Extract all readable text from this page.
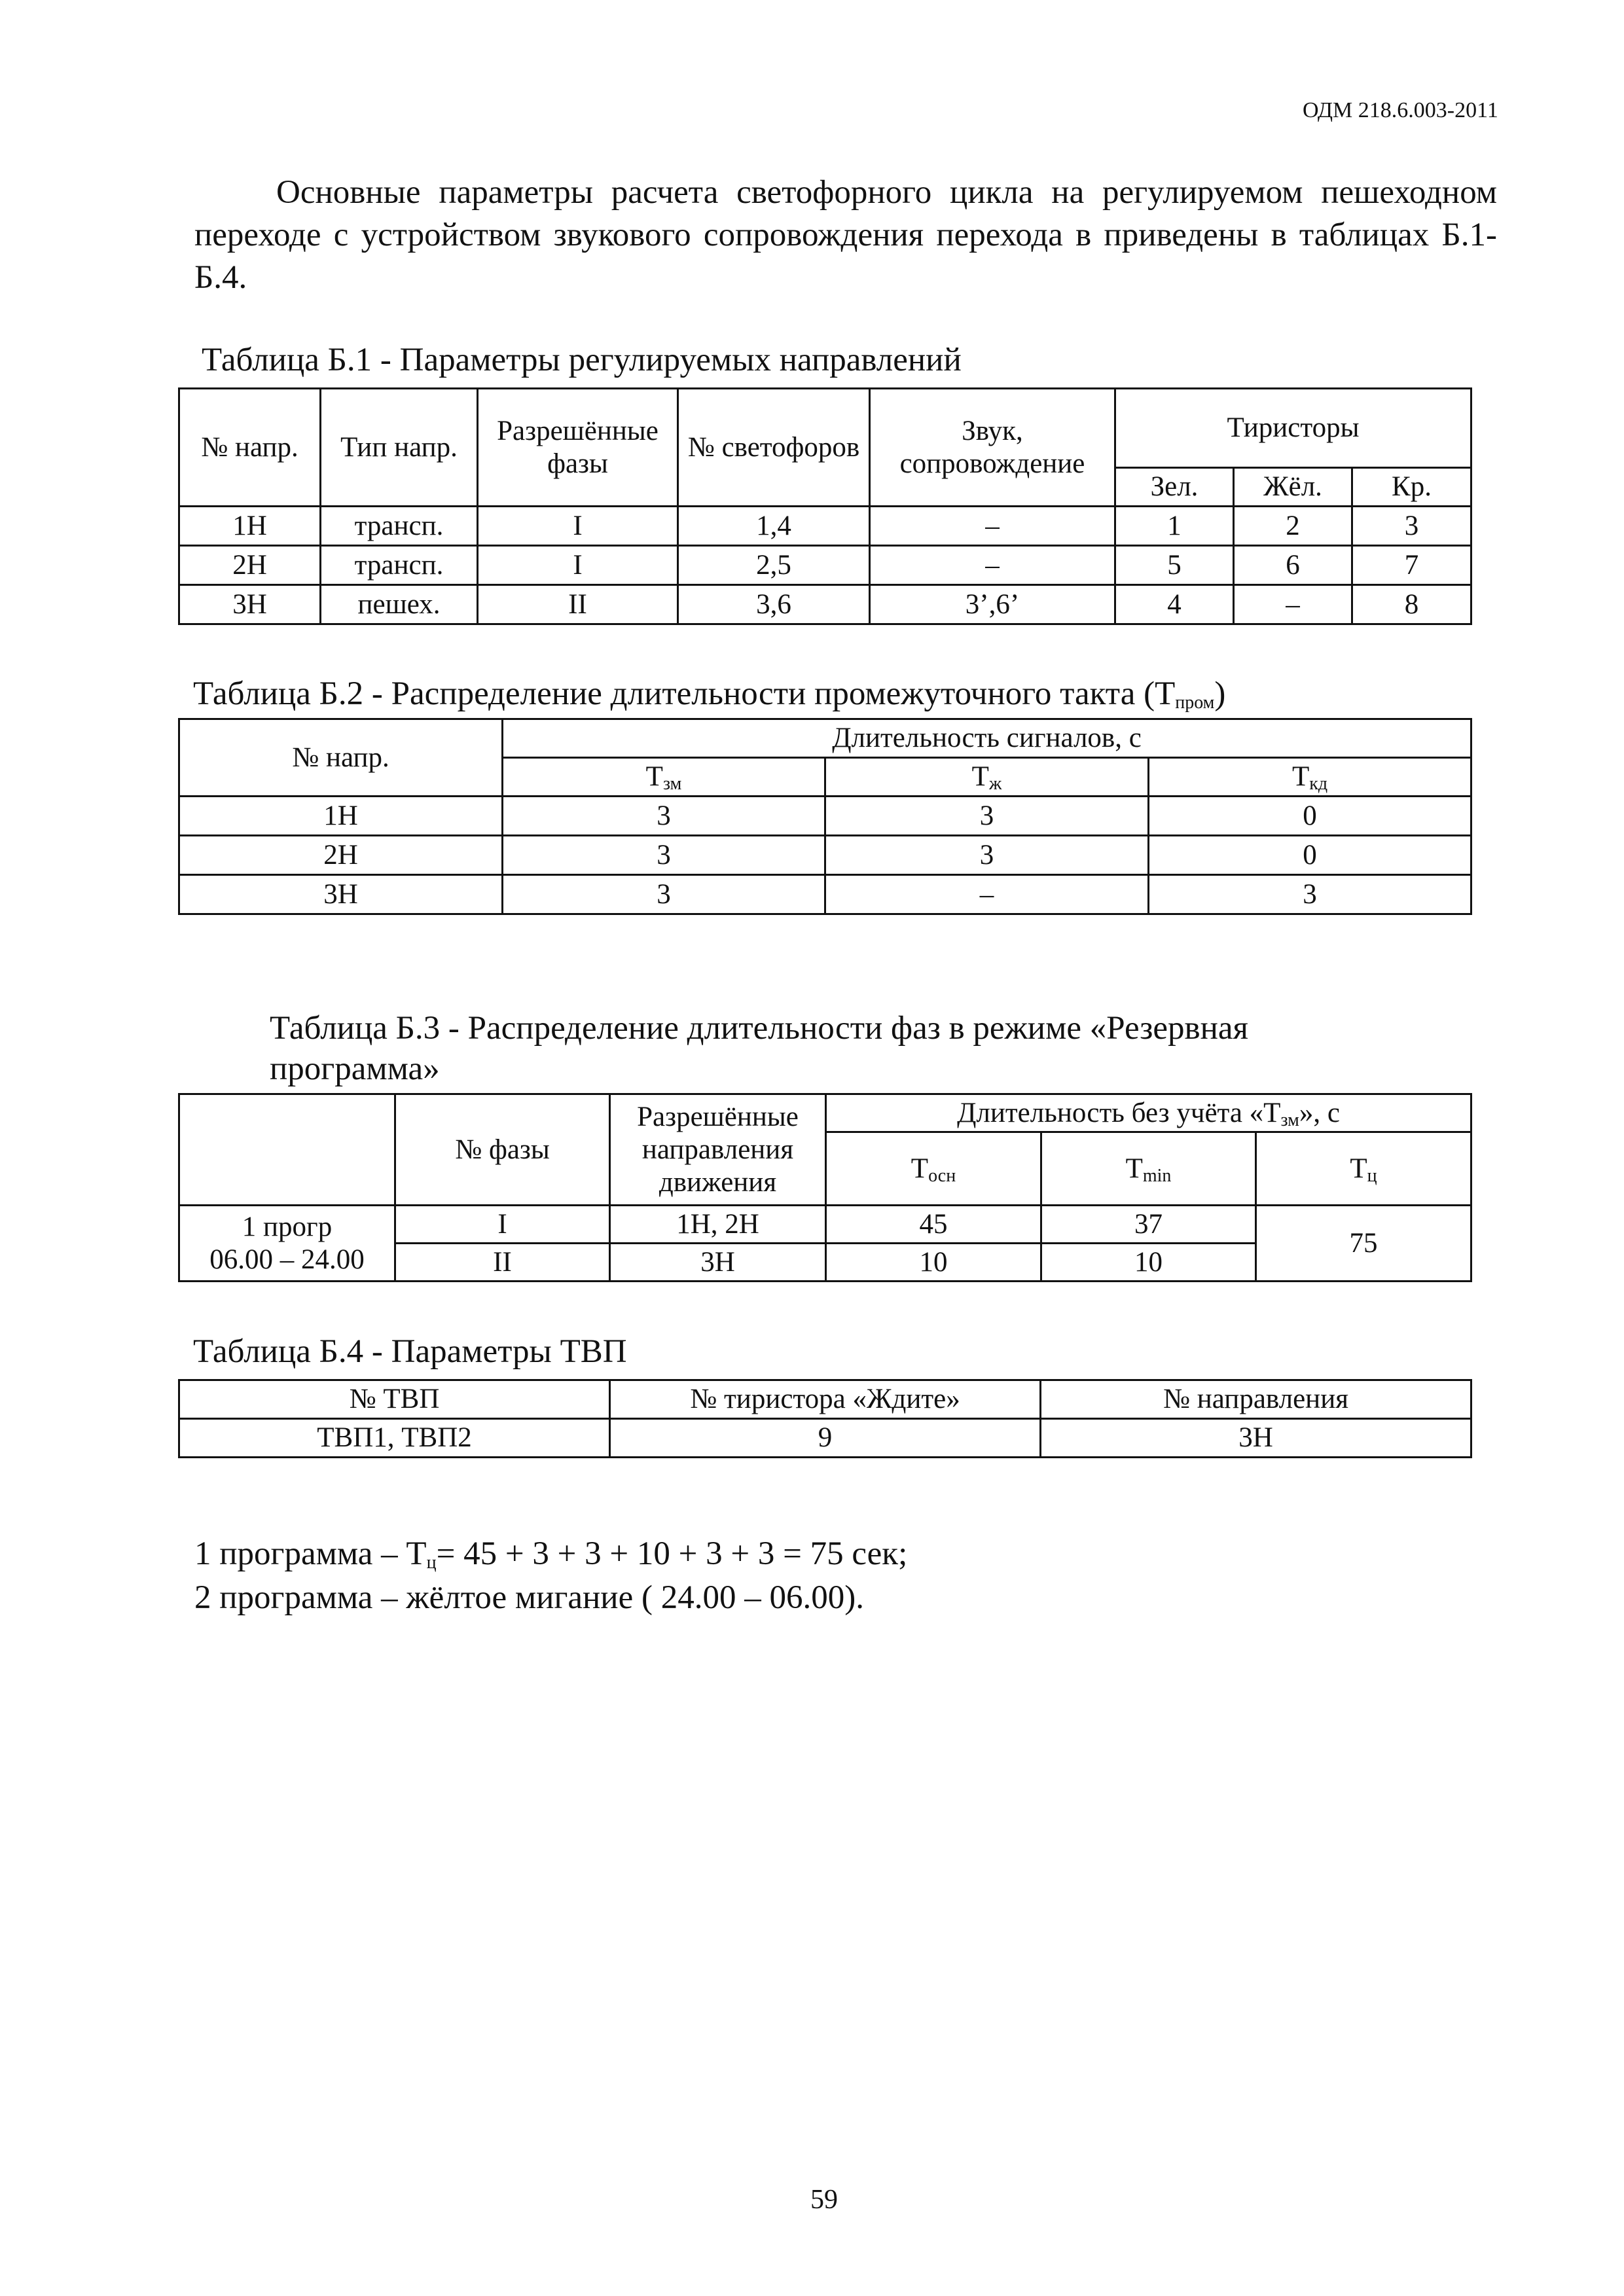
ОДМ 218.6.003-2011
Основные параметры расчета светофорного цикла на регулируемом пешеходном переходе с устройством звукового сопровождения перехода в приведены в таблицах Б.1-Б.4.
Таблица Б.1 - Параметры регулируемых направлений
№ напр.	Тип напр.	Разрешённые фазы	№ светофоров	Звук, сопровождение	Тиристоры		
					Зел.	Жёл.	Кр.
1Н	трансп.	I	1,4	–	1	2	3
2Н	трансп.	I	2,5	–	5	6	7
3Н	пешех.	II	3,6	3’,6’	4	–	8
Таблица Б.2 - Распределение длительности промежуточного такта $(Т_{пром})$
№ напр.	Длительность сигналов, с		
	$Т_{зм}$	$Т_ж$	$Т_{кд}$
1Н	3	3	0
2Н	3	3	0
3Н	3	–	3
Таблица Б.3 - Распределение длительности фаз в режиме «Резервная программа»
	№ фазы	Разрешённые направления движения	Длительность без учёта «$Т_{зм}$», с		
			$Т_{осн}$	$Т_{min}$	$Т_ц$

1 прогр
06.00 – 24.00	I	1Н, 2Н	45	37	75
	II	3Н	10	10	
Таблица Б.4 - Параметры ТВП
№ ТВП	№ тиристора «Ждите»	№ направления
ТВП1, ТВП2	9	3Н
1 программа – $Т_ц= 45 + 3 + 3 + 10 + 3 + 3 = 75$ сек;
2 программа – жёлтое мигание ( 24.00 – 06.00).
59
